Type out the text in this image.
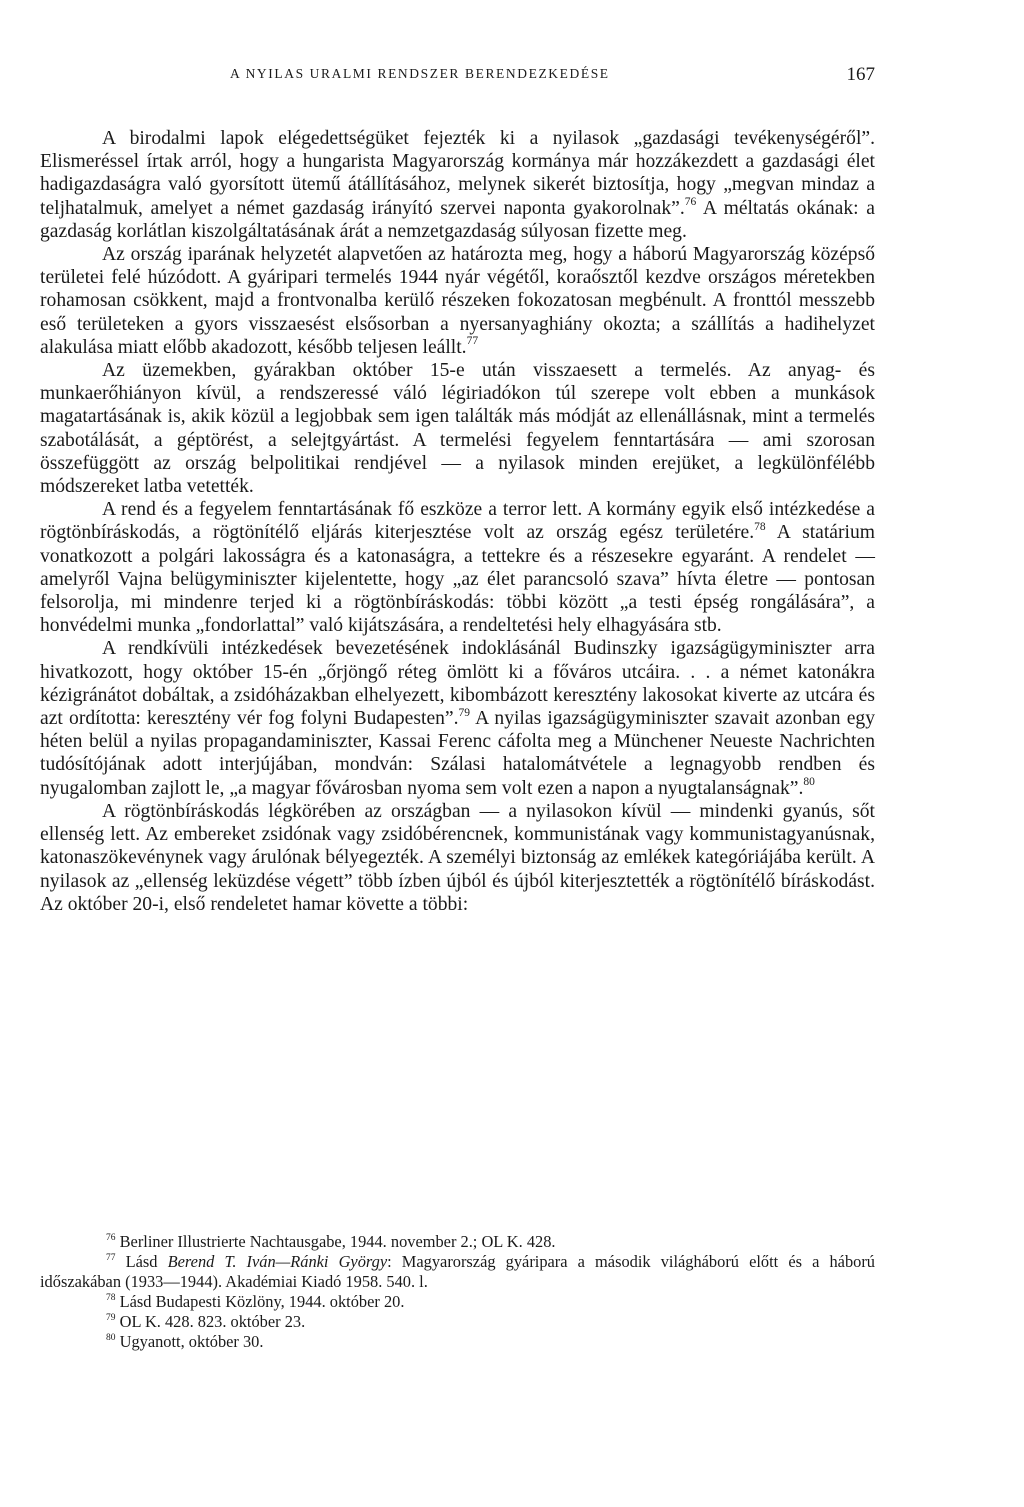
A NYILAS URALMI RENDSZER BERENDEZKEDÉSE	167

A birodalmi lapok elégedettségüket fejezték ki a nyilasok „gazdasági tevékenységéről”. Elismeréssel írtak arról, hogy a hungarista Magyarország kormánya már hozzákezdett a gazdasági élet hadigazdaságra való gyorsított ütemű átállításához, melynek sikerét biztosítja, hogy „megvan mindaz a teljhatalmuk, amelyet a német gazdaság irányító szervei naponta gyakorolnak”.$^{76}$ A méltatás okának: a gazdaság korlátlan kiszolgáltatásának árát a nemzetgazdaság súlyosan fizette meg.

Az ország iparának helyzetét alapvetően az határozta meg, hogy a háború Magyarország középső területei felé húzódott. A gyáripari termelés 1944 nyár végétől, koraősztől kezdve országos méretekben rohamosan csökkent, majd a frontvonalba kerülő részeken fokozatosan megbénult. A fronttól messzebb eső területeken a gyors visszaesést elsősorban a nyersanyaghiány okozta; a szállítás a hadihelyzet alakulása miatt előbb akadozott, később teljesen leállt.$^{77}$

Az üzemekben, gyárakban október 15-e után visszaesett a termelés. Az anyag- és munkaerőhiányon kívül, a rendszeressé váló légiriadókon túl szerepe volt ebben a munkások magatartásának is, akik közül a legjobbak sem igen találták más módját az ellenállásnak, mint a termelés szabotálását, a géptörést, a selejtgyártást. A termelési fegyelem fenntartására — ami szorosan összefüggött az ország belpolitikai rendjével — a nyilasok minden erejüket, a legkülönfélébb módszereket latba vetették.

A rend és a fegyelem fenntartásának fő eszköze a terror lett. A kormány egyik első intézkedése a rögtönbíráskodás, a rögtönítélő eljárás kiterjesztése volt az ország egész területére.$^{78}$ A statárium vonatkozott a polgári lakosságra és a katonaságra, a tettekre és a részesekre egyaránt. A rendelet — amelyről Vajna belügyminiszter kijelentette, hogy „az élet parancsoló szava” hívta életre — pontosan felsorolja, mi mindenre terjed ki a rögtönbíráskodás: többi között „a testi épség rongálására”, a honvédelmi munka „fondorlattal” való kijátszására, a rendeltetési hely elhagyására stb.

A rendkívüli intézkedések bevezetésének indoklásánál Budinszky igazságügyminiszter arra hivatkozott, hogy október 15-én „őrjöngő réteg ömlött ki a főváros utcáira. . . a német katonákra kézigránátot dobáltak, a zsidóházakban elhelyezett, kibombázott keresztény lakosokat kiverte az utcára és azt ordította: keresztény vér fog folyni Budapesten”.$^{79}$ A nyilas igazságügyminiszter szavait azonban egy héten belül a nyilas propagandaminiszter, Kassai Ferenc cáfolta meg a Münchener Neueste Nachrichten tudósítójának adott interjújában, mondván: Szálasi hatalomátvétele a legnagyobb rendben és nyugalomban zajlott le, „a magyar fővárosban nyoma sem volt ezen a napon a nyugtalanságnak”.$^{80}$

A rögtönbíráskodás légkörében az országban — a nyilasokon kívül — mindenki gyanús, sőt ellenség lett. Az embereket zsidónak vagy zsidóbérencnek, kommunistának vagy kommunistagyanúsnak, katonaszökevénynek vagy árulónak bélyegezték. A személyi biztonság az emlékek kategóriájába került. A nyilasok az „ellenség leküzdése végett” több ízben újból és újból kiterjesztették a rögtönítélő bíráskodást. Az október 20-i, első rendeletet hamar követte a többi:

$^{76}$ Berliner Illustrierte Nachtausgabe, 1944. november 2.; OL K. 428.

$^{77}$ Lásd Berend T. Iván—Ránki György: Magyarország gyáripara a második világháború előtt és a háború időszakában (1933—1944). Akadémiai Kiadó 1958. 540. l.

$^{78}$ Lásd Budapesti Közlöny, 1944. október 20.

$^{79}$ OL K. 428. 823. október 23.

$^{80}$ Ugyanott, október 30.
